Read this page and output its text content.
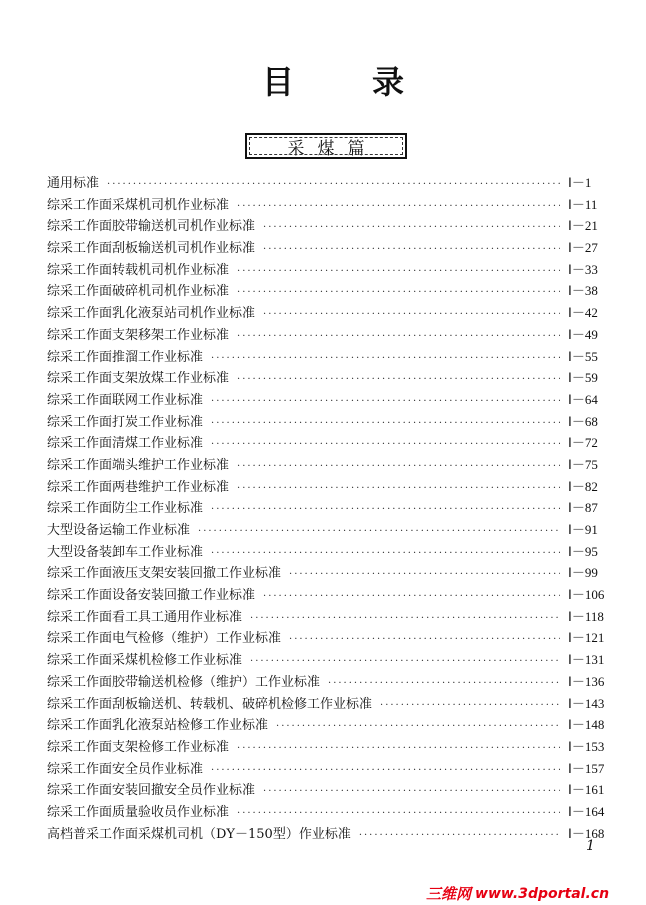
目 录
采煤篇
通用标准 ·····	Ⅰ－1
综采工作面采煤机司机作业标准 ·····	Ⅰ－11
综采工作面胶带输送机司机作业标准 ·····	Ⅰ－21
综采工作面刮板输送机司机作业标准 ·····	Ⅰ－27
综采工作面转载机司机作业标准 ·····	Ⅰ－33
综采工作面破碎机司机作业标准 ·····	Ⅰ－38
综采工作面乳化液泵站司机作业标准 ·····	Ⅰ－42
综采工作面支架移架工作业标准 ·····	Ⅰ－49
综采工作面推溜工作业标准 ·····	Ⅰ－55
综采工作面支架放煤工作业标准 ·····	Ⅰ－59
综采工作面联网工作业标准 ·····	Ⅰ－64
综采工作面打炭工作业标准 ·····	Ⅰ－68
综采工作面清煤工作业标准 ·····	Ⅰ－72
综采工作面端头维护工作业标准 ·····	Ⅰ－75
综采工作面两巷维护工作业标准 ·····	Ⅰ－82
综采工作面防尘工作业标准 ·····	Ⅰ－87
大型设备运输工作业标准 ·····	Ⅰ－91
大型设备装卸车工作业标准 ·····	Ⅰ－95
综采工作面液压支架安装回撤工作业标准 ·····	Ⅰ－99
综采工作面设备安装回撤工作业标准 ·····	Ⅰ－106
综采工作面看工具工通用作业标准 ·····	Ⅰ－118
综采工作面电气检修（维护）工作业标准 ·····	Ⅰ－121
综采工作面采煤机检修工作业标准 ·····	Ⅰ－131
综采工作面胶带输送机检修（维护）工作业标准 ·····	Ⅰ－136
综采工作面刮板输送机、转载机、破碎机检修工作业标准 ·····	Ⅰ－143
综采工作面乳化液泵站检修工作业标准 ·····	Ⅰ－148
综采工作面支架检修工作业标准 ·····	Ⅰ－153
综采工作面安全员作业标准 ·····	Ⅰ－157
综采工作面安装回撤安全员作业标准 ·····	Ⅰ－161
综采工作面质量验收员作业标准 ·····	Ⅰ－164
高档普采工作面采煤机司机（DY－150型）作业标准 ·····	Ⅰ－168
1
三维网 www.3dportal.cn
